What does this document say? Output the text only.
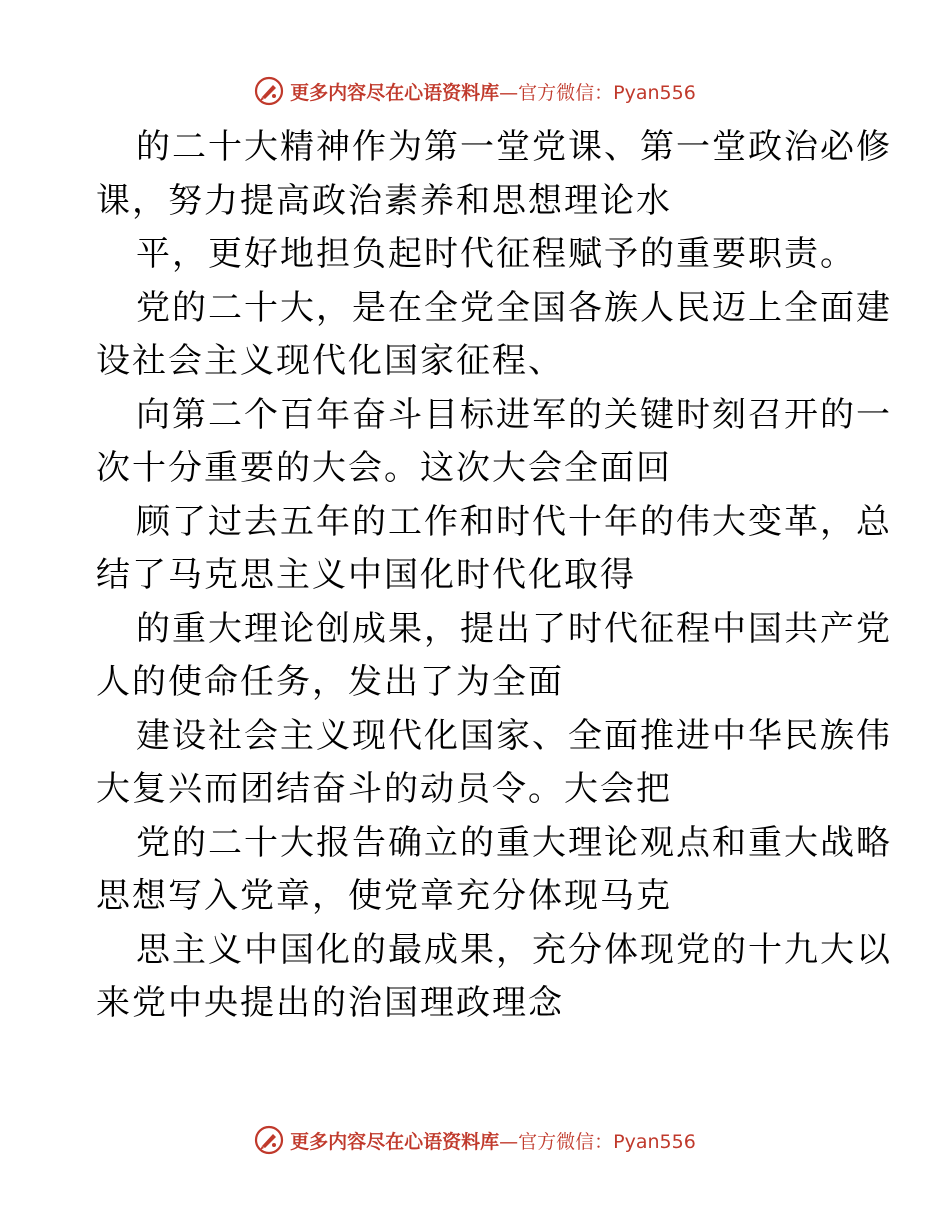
更多内容尽在心语资料库—官方微信：Pyan556
的二十大精神作为第一堂党课、第一堂政治必修
课，努力提高政治素养和思想理论水
平，更好地担负起时代征程赋予的重要职责。
党的二十大，是在全党全国各族人民迈上全面建
设社会主义现代化国家征程、
向第二个百年奋斗目标进军的关键时刻召开的一
次十分重要的大会。这次大会全面回
顾了过去五年的工作和时代十年的伟大变革，总
结了马克思主义中国化时代化取得
的重大理论创成果，提出了时代征程中国共产党
人的使命任务，发出了为全面
建设社会主义现代化国家、全面推进中华民族伟
大复兴而团结奋斗的动员令。大会把
党的二十大报告确立的重大理论观点和重大战略
思想写入党章，使党章充分体现马克
思主义中国化的最成果，充分体现党的十九大以
来党中央提出的治国理政理念
更多内容尽在心语资料库—官方微信：Pyan556
